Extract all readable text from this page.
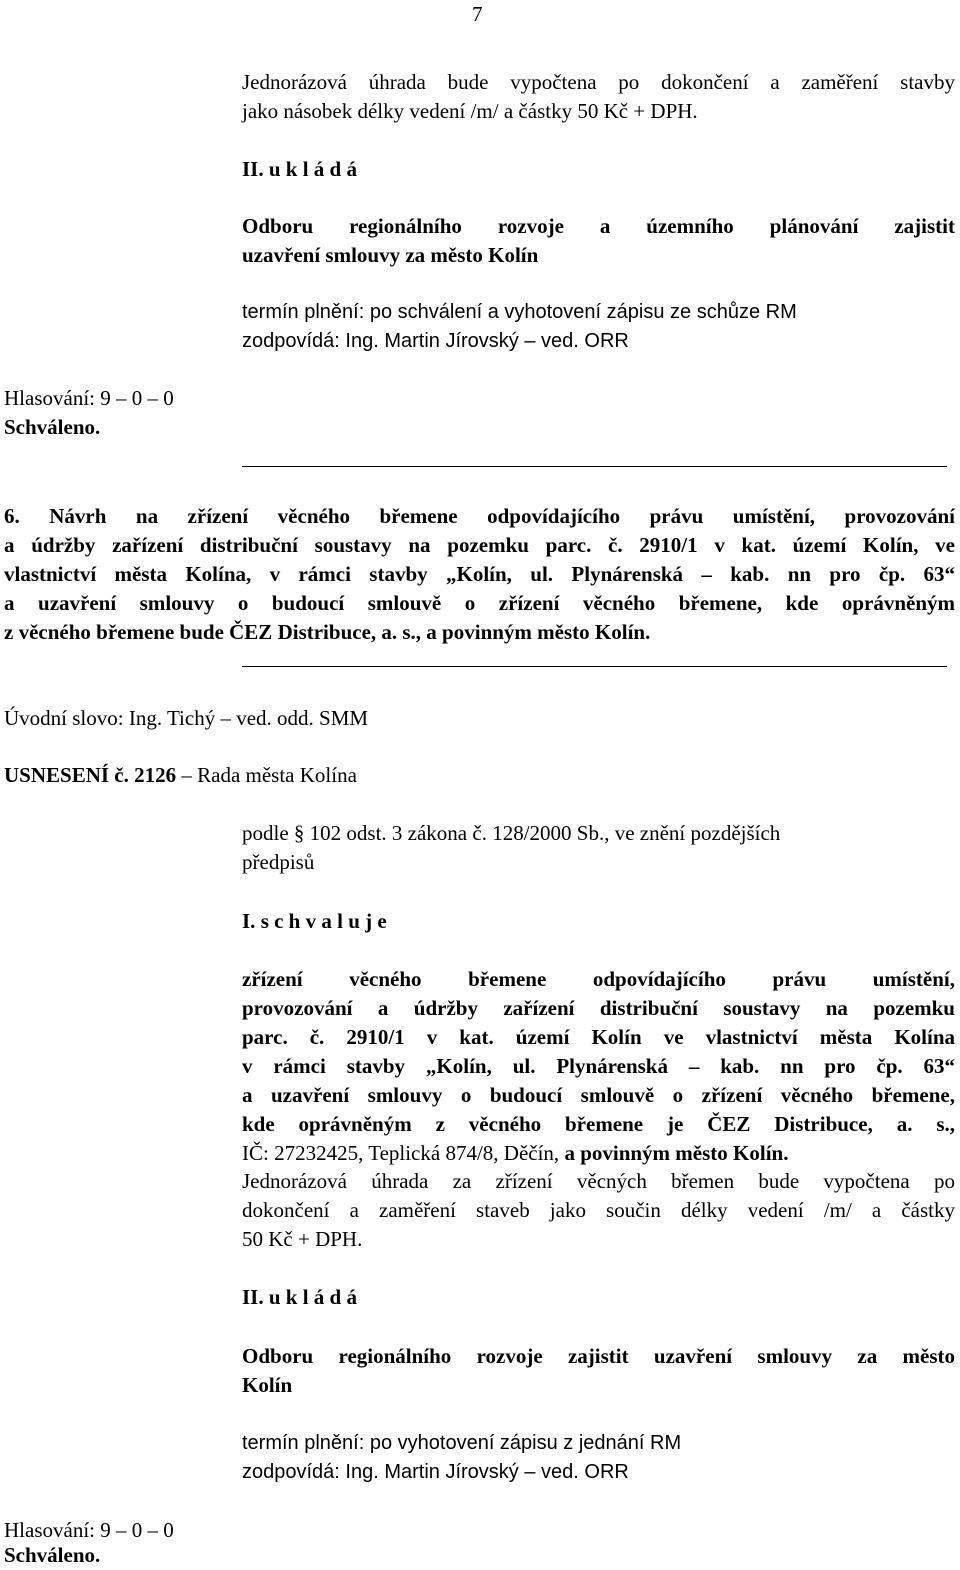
7
Jednorázová úhrada bude vypočtena po dokončení a zaměření stavby
jako násobek délky vedení /m/ a částky 50 Kč + DPH.
II. u k l á d á
Odboru regionálního rozvoje a územního plánování zajistit
uzavření smlouvy za město Kolín
termín plnění: po schválení a vyhotovení zápisu ze schůze RM
zodpovídá: Ing. Martin Jírovský – ved. ORR
Hlasování: 9 – 0 – 0
Schváleno.
6. Návrh na zřízení věcného břemene odpovídajícího právu umístění, provozování
a údržby zařízení distribuční soustavy na pozemku parc. č. 2910/1 v kat. území Kolín, ve
vlastnictví města Kolína, v rámci stavby „Kolín, ul. Plynárenská – kab. nn pro čp. 63“
a uzavření smlouvy o budoucí smlouvě o zřízení věcného břemene, kde oprávněným
z věcného břemene bude ČEZ Distribuce, a. s., a povinným město Kolín.
Úvodní slovo: Ing. Tichý – ved. odd. SMM
USNESENÍ č. 2126 – Rada města Kolína
podle § 102 odst. 3 zákona č. 128/2000 Sb., ve znění pozdějších
předpisů
I. s c h v a l u j e
zřízení věcného břemene odpovídajícího právu umístění,
provozování a údržby zařízení distribuční soustavy na pozemku
parc. č. 2910/1 v kat. území Kolín ve vlastnictví města Kolína
v rámci stavby „Kolín, ul. Plynárenská – kab. nn pro čp. 63“
a uzavření smlouvy o budoucí smlouvě o zřízení věcného břemene,
kde oprávněným z věcného břemene je ČEZ Distribuce, a. s.,
IČ: 27232425, Teplická 874/8, Děčín, a povinným město Kolín.
Jednorázová úhrada za zřízení věcných břemen bude vypočtena po
dokončení a zaměření staveb jako součin délky vedení /m/ a částky
50 Kč + DPH.
II. u k l á d á
Odboru regionálního rozvoje zajistit uzavření smlouvy za město
Kolín
termín plnění: po vyhotovení zápisu z jednání RM
zodpovídá: Ing. Martin Jírovský – ved. ORR
Hlasování: 9 – 0 – 0
Schváleno.
